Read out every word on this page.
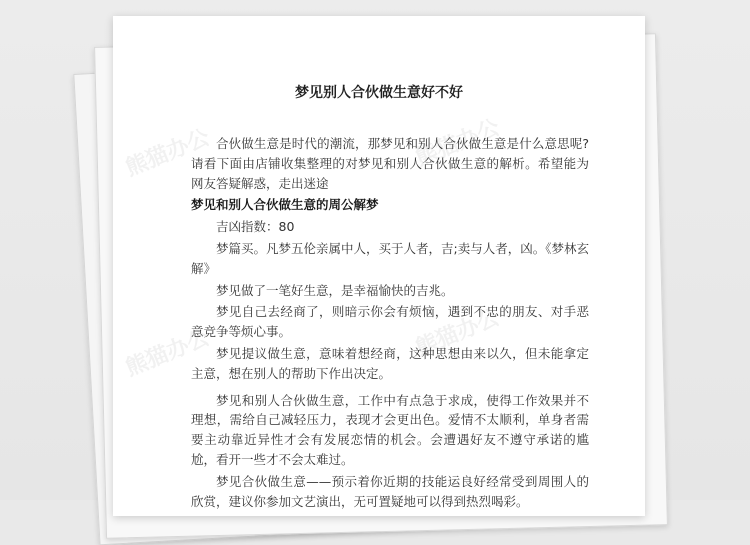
熊猫办公	熊猫办公
熊猫办公	熊猫办公
梦见别人合伙做生意好不好

合伙做生意是时代的潮流，那梦见和别人合伙做生意是什么意思呢?请看下面由店铺收集整理的对梦见和别人合伙做生意的解析。希望能为网友答疑解惑，走出迷途

梦见和别人合伙做生意的周公解梦

吉凶指数：80

梦篇买。凡梦五伦亲属中人，买于人者，吉;卖与人者，凶。《梦林玄解》

梦见做了一笔好生意，是幸福愉快的吉兆。

梦见自己去经商了，则暗示你会有烦恼，遇到不忠的朋友、对手恶意竞争等烦心事。

梦见提议做生意，意味着想经商，这种思想由来以久，但未能拿定主意，想在别人的帮助下作出决定。

梦见和别人合伙做生意，工作中有点急于求成，使得工作效果并不理想，需给自己减轻压力，表现才会更出色。爱情不太顺利，单身者需要主动靠近异性才会有发展恋情的机会。会遭遇好友不遵守承诺的尴尬，看开一些才不会太难过。

梦见合伙做生意——预示着你近期的技能运良好经常受到周围人的欣赏，建议你参加文艺演出，无可置疑地可以得到热烈喝彩。
